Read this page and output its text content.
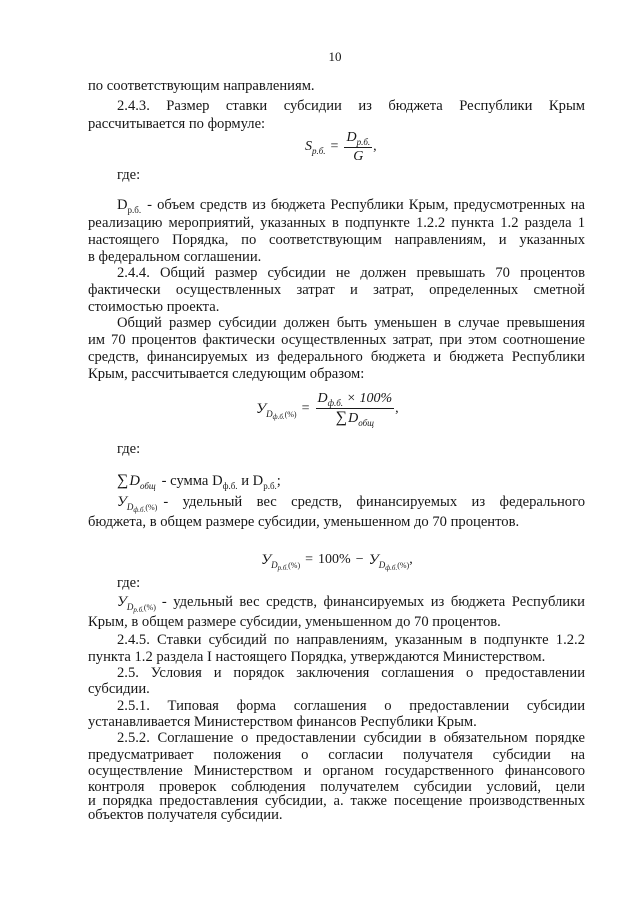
10
по соответствующим направлениям.
2.4.3. Размер ставки субсидии из бюджета Республики Крым
рассчитывается по формуле:
$S_{р.б.} = \frac{D_{р.б.}}{G}$ ,
где:
$D_{р.б.}$ - объем средств из бюджета Республики Крым, предусмотренных на
реализацию мероприятий, указанных в подпункте 1.2.2 пункта 1.2 раздела 1
настоящего Порядка, по соответствующим направлениям, и указанных
в федеральном соглашении.
2.4.4. Общий размер субсидии не должен превышать 70 процентов
фактически осуществленных затрат и затрат, определенных сметной
стоимостью проекта.
Общий размер субсидии должен быть уменьшен в случае превышения
им 70 процентов фактически осуществленных затрат, при этом соотношение
средств, финансируемых из федерального бюджета и бюджета Республики
Крым, рассчитывается следующим образом:
$У_{D_{ф.б.}(\%)} = \frac{D_{ф.б.} \times 100\%}{\sum D_{общ}}$ ,
где:
$\sum D_{общ}$ - сумма $D_{ф.б.}$ и $D_{р.б.}$;
$У_{D_{ф.б.}(\%)}$ - удельный вес средств, финансируемых из федерального
бюджета, в общем размере субсидии, уменьшенном до 70 процентов.
$У_{D_{р.б.}(\%)} = 100\% - У_{D_{ф.б.}(\%)}$ ,
где:
$У_{D_{р.б.}(\%)}$ - удельный вес средств, финансируемых из бюджета Республики
Крым, в общем размере субсидии, уменьшенном до 70 процентов.
2.4.5. Ставки субсидий по направлениям, указанным в подпункте 1.2.2
пункта 1.2 раздела I настоящего Порядка, утверждаются Министерством.
2.5. Условия и порядок заключения соглашения о предоставлении
субсидии.
2.5.1. Типовая форма соглашения о предоставлении субсидии
устанавливается Министерством финансов Республики Крым.
2.5.2. Соглашение о предоставлении субсидии в обязательном порядке
предусматривает положения о согласии получателя субсидии на
осуществление Министерством и органом государственного финансового
контроля проверок соблюдения получателем субсидии условий, цели
и порядка предоставления субсидии, а. также посещение производственных
объектов получателя субсидии.
